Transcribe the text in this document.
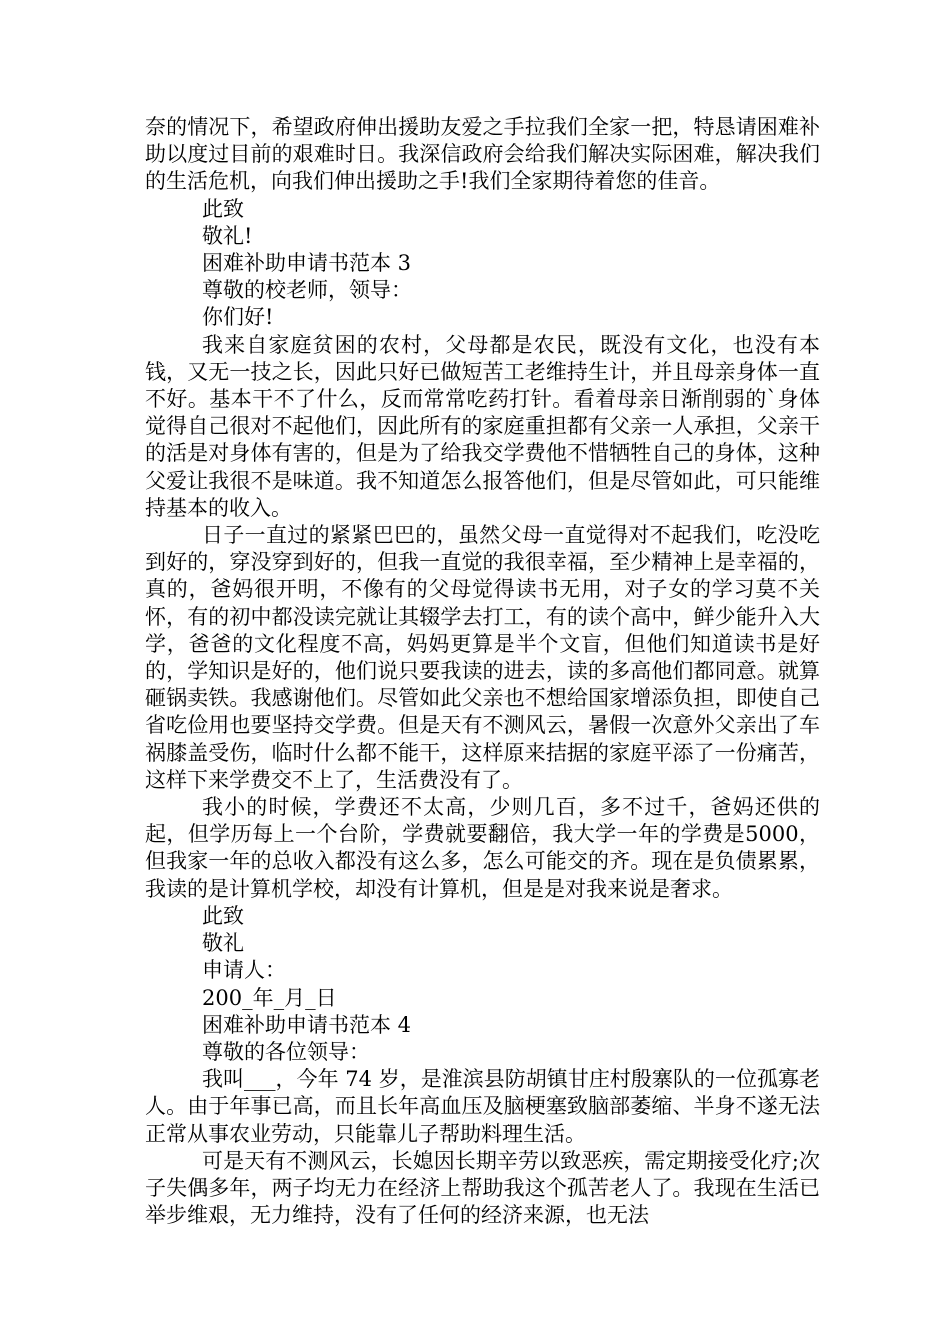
奈的情况下，希望政府伸出援助友爱之手拉我们全家一把，特恳请困难补助以度过目前的艰难时日。我深信政府会给我们解决实际困难，解决我们的生活危机，向我们伸出援助之手!我们全家期待着您的佳音。

此致

敬礼!

困难补助申请书范本 3

尊敬的校老师，领导：

你们好!

我来自家庭贫困的农村，父母都是农民，既没有文化，也没有本钱，又无一技之长，因此只好已做短苦工老维持生计，并且母亲身体一直不好。基本干不了什么，反而常常吃药打针。看着母亲日渐削弱的`身体觉得自己很对不起他们，因此所有的家庭重担都有父亲一人承担，父亲干的活是对身体有害的，但是为了给我交学费他不惜牺牲自己的身体，这种父爱让我很不是味道。我不知道怎么报答他们，但是尽管如此，可只能维持基本的收入。

日子一直过的紧紧巴巴的，虽然父母一直觉得对不起我们，吃没吃到好的，穿没穿到好的，但我一直觉的我很幸福，至少精神上是幸福的，真的，爸妈很开明，不像有的父母觉得读书无用，对子女的学习莫不关怀，有的初中都没读完就让其辍学去打工，有的读个高中，鲜少能升入大学，爸爸的文化程度不高，妈妈更算是半个文盲，但他们知道读书是好的，学知识是好的，他们说只要我读的进去，读的多高他们都同意。就算砸锅卖铁。我感谢他们。尽管如此父亲也不想给国家增添负担，即使自己省吃俭用也要坚持交学费。但是天有不测风云，暑假一次意外父亲出了车祸膝盖受伤，临时什么都不能干，这样原来拮据的家庭平添了一份痛苦，这样下来学费交不上了，生活费没有了。

我小的时候，学费还不太高，少则几百，多不过千，爸妈还供的起，但学历每上一个台阶，学费就要翻倍，我大学一年的学费是5000，但我家一年的总收入都没有这么多，怎么可能交的齐。现在是负债累累，我读的是计算机学校，却没有计算机，但是是对我来说是奢求。

此致

敬礼

申请人：

200_年_月_日

困难补助申请书范本 4

尊敬的各位领导：

我叫___，今年 74 岁，是淮滨县防胡镇甘庄村殷寨队的一位孤寡老人。由于年事已高，而且长年高血压及脑梗塞致脑部萎缩、半身不遂无法正常从事农业劳动，只能靠儿子帮助料理生活。

可是天有不测风云，长媳因长期辛劳以致恶疾，需定期接受化疗;次子失偶多年，两子均无力在经济上帮助我这个孤苦老人了。我现在生活已举步维艰，无力维持，没有了任何的经济来源，也无法
